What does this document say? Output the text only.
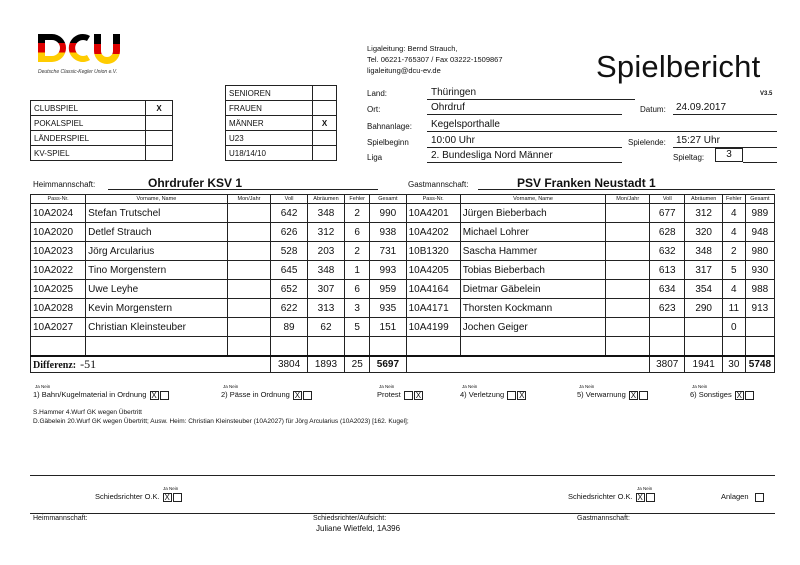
Deutsche Classic-Kegler Union e.V.
Ligaleitung: Bernd Strauch,
Tel. 06221-765307 / Fax 03222-1509867
ligaleitung@dcu-ev.de	Spielbericht
V3.5
CLUBSPIEL	X
POKALSPIEL	
LÄNDERSPIEL	
KV-SPIEL	
SENIOREN	
FRAUEN	
MÄNNER	X
U23	
U18/14/10	
Land:	Thüringen
Ort:	Ohrdruf	Datum: 24.09.2017
Bahnanlage: Kegelsporthalle
Spielbeginn 10:00 Uhr	Spielende: 15:27 Uhr
Liga	2. Bundesliga Nord Männer	Spieltag:	3
Heimmannschaft:	Ohrdrufer KSV 1	Gastmannschaft:	PSV Franken Neustadt 1
Pass-Nr.	Vorname, Name	Mon/Jahr	Voll	Abräumen	Fehler	Gesamt	Pass-Nr.	Vorname, Name	Mon/Jahr	Voll	Abräumen	Fehler	Gesamt
10A2024	Stefan Trutschel		642	348	2	990	10A4201	Jürgen Bieberbach		677	312	4	989
10A2020	Detlef Strauch		626	312	6	938	10A4202	Michael Lohrer		628	320	4	948
10A2023	Jörg Arcularius		528	203	2	731	10B1320	Sascha Hammer		632	348	2	980
10A2022	Tino Morgenstern		645	348	1	993	10A4205	Tobias Bieberbach		613	317	5	930
10A2025	Uwe Leyhe		652	307	6	959	10A4164	Dietmar Gäbelein		634	354	4	988
10A2028	Kevin Morgenstern		622	313	3	935	10A4171	Thorsten Kockmann		623	290	11	913
10A2027	Christian Kleinsteuber		89	62	5	151	10A4199	Jochen Geiger				0	

Differenz: -51			3804	1893	25	5697				3807	1941	30	5748
Ja Nein
1) Bahn/Kugelmaterial in Ordnung X
Ja Nein
2) Pässe in Ordnung X
Ja Nein
Protest X
Ja Nein
4) Verletzung X
Ja Nein
5) Verwarnung X
Ja Nein
6) Sonstiges X
S.Hammer 4.Wurf GK wegen Übertritt
D.Gäbelein 20.Wurf GK wegen Übertritt; Ausw. Heim: Christian Kleinsteuber (10A2027) für Jörg Arcularius (10A2023) [162. Kugel];
Ja Nein
Schiedsrichter O.K. X
Ja Nein
Schiedsrichter O.K. X	Anlagen
Heimmannschaft:	Schiedsrichter/Aufsicht:	Gastmannschaft:
Juliane Wietfeld, 1A396
